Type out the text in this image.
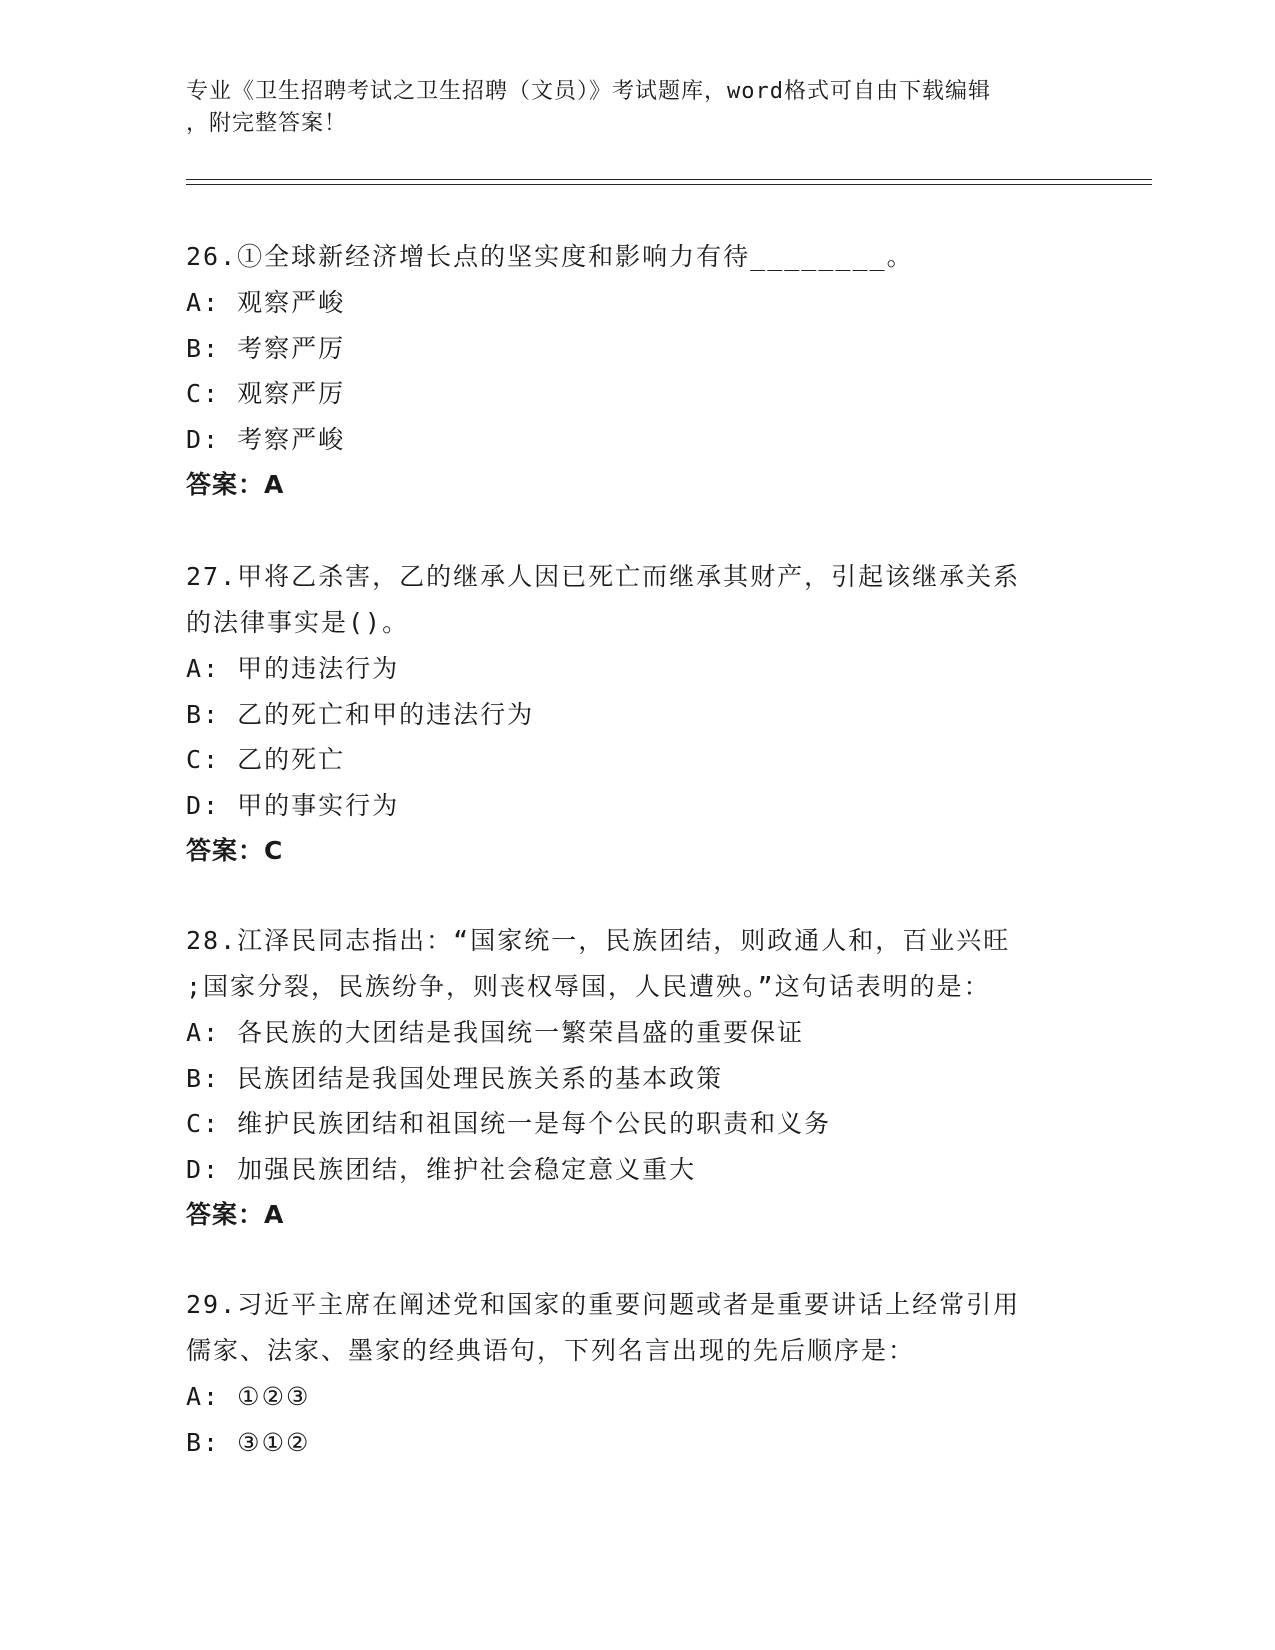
专业《卫生招聘考试之卫生招聘（文员）》考试题库，word格式可自由下载编辑
，附完整答案！

26.①全球新经济增长点的坚实度和影响力有待________。

A: 观察严峻

B: 考察严厉

C: 观察严厉

D: 考察严峻

答案：A

27.甲将乙杀害，乙的继承人因已死亡而继承其财产，引起该继承关系

的法律事实是()。

A: 甲的违法行为

B: 乙的死亡和甲的违法行为

C: 乙的死亡

D: 甲的事实行为

答案：C

28.江泽民同志指出：“国家统一，民族团结，则政通人和，百业兴旺

;国家分裂，民族纷争，则丧权辱国，人民遭殃。”这句话表明的是：

A: 各民族的大团结是我国统一繁荣昌盛的重要保证

B: 民族团结是我国处理民族关系的基本政策

C: 维护民族团结和祖国统一是每个公民的职责和义务

D: 加强民族团结，维护社会稳定意义重大

答案：A

29.习近平主席在阐述党和国家的重要问题或者是重要讲话上经常引用

儒家、法家、墨家的经典语句，下列名言出现的先后顺序是：

A: ①②③

B: ③①②
